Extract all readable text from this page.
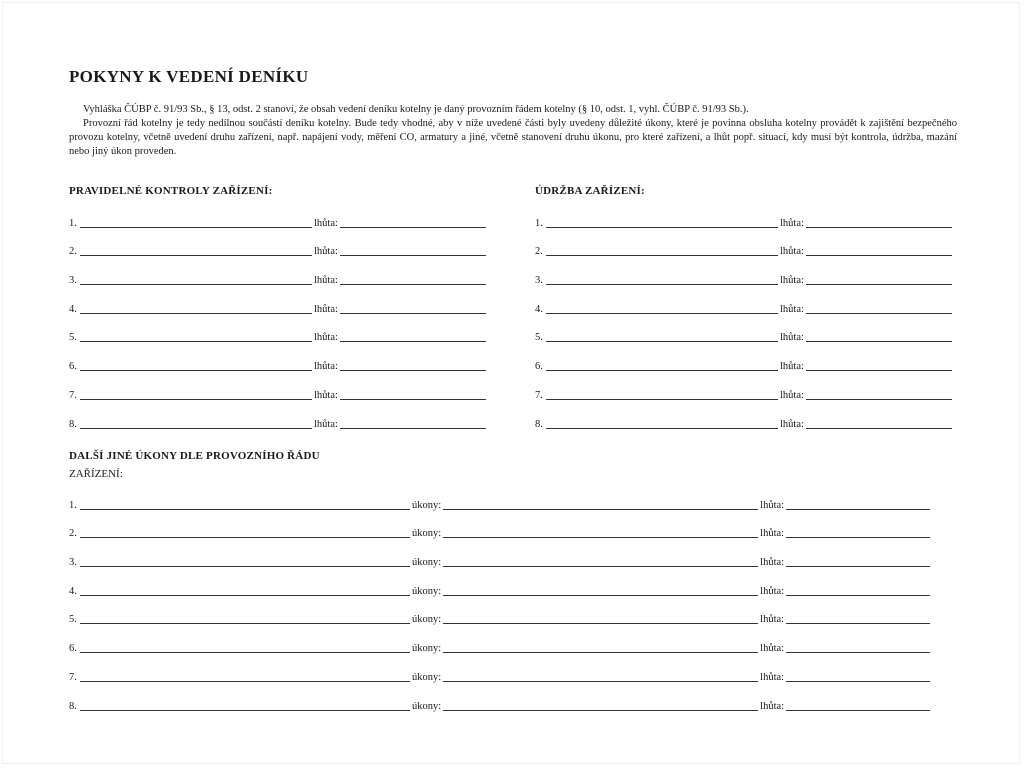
POKYNY K VEDENÍ DENÍKU

Vyhláška ČÚBP č. 91/93 Sb., § 13, odst. 2 stanoví, že obsah vedení deníku kotelny je daný provozním řádem kotelny (§ 10, odst. 1, vyhl. ČÚBP č. 91/93 Sb.).

Provozní řád kotelny je tedy nedílnou součástí deníku kotelny. Bude tedy vhodné, aby v níže uvedené části byly uvedeny důležité úkony, které je povinna obsluha kotelny provádět k zajištění bezpečného provozu kotelny, včetně uvedení druhu zařízení, např. napájení vody, měření CO, armatury a jiné, včetně stanovení druhu úkonu, pro které zařízení, a lhůt popř. situací, kdy musí být kontrola, údržba, mazání nebo jiný úkon proveden.

PRAVIDELNÉ KONTROLY ZAŘÍZENÍ:
1.	lhůta:
2.	lhůta:
3.	lhůta:
4.	lhůta:
5.	lhůta:
6.	lhůta:
7.	lhůta:
8.	lhůta:
ÚDRŽBA ZAŘÍZENÍ:
1.	lhůta:
2.	lhůta:
3.	lhůta:
4.	lhůta:
5.	lhůta:
6.	lhůta:
7.	lhůta:
8.	lhůta:
DALŠÍ JINÉ ÚKONY DLE PROVOZNÍHO ŘÁDU
ZAŘÍZENÍ:
1.	úkony:	lhůta:
2.	úkony:	lhůta:
3.	úkony:	lhůta:
4.	úkony:	lhůta:
5.	úkony:	lhůta:
6.	úkony:	lhůta:
7.	úkony:	lhůta:
8.	úkony:	lhůta:
